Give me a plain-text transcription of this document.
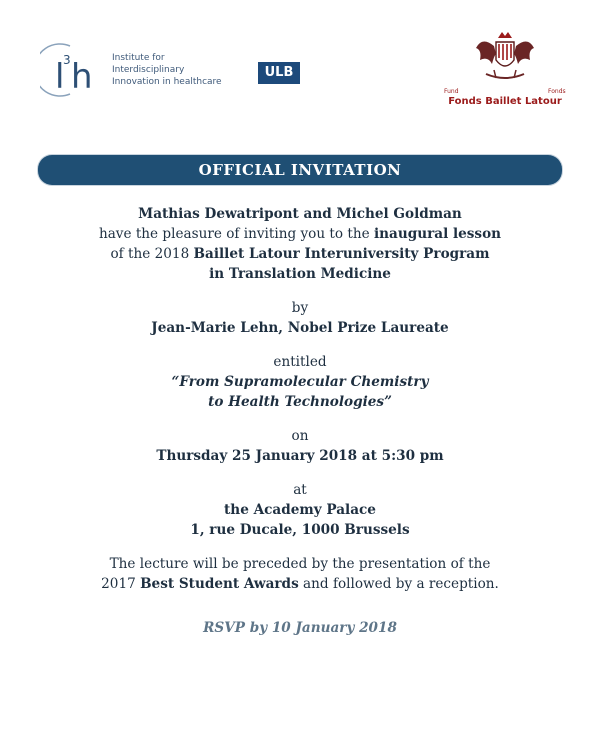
l
3 h Institute for
Interdisciplinary
Innovation in healthcare
ULB
Fund	Fonds
Fonds Baillet Latour
OFFICIAL INVITATION
Mathias Dewatripont and Michel Goldman
have the pleasure of inviting you to the inaugural lesson
of the 2018 Baillet Latour Interuniversity Program
in Translation Medicine
by
Jean-Marie Lehn, Nobel Prize Laureate
entitled
“From Supramolecular Chemistry
to Health Technologies”
on
Thursday 25 January 2018 at 5:30 pm
at
the Academy Palace
1, rue Ducale, 1000 Brussels
The lecture will be preceded by the presentation of the
2017 Best Student Awards and followed by a reception.
RSVP by 10 January 2018
